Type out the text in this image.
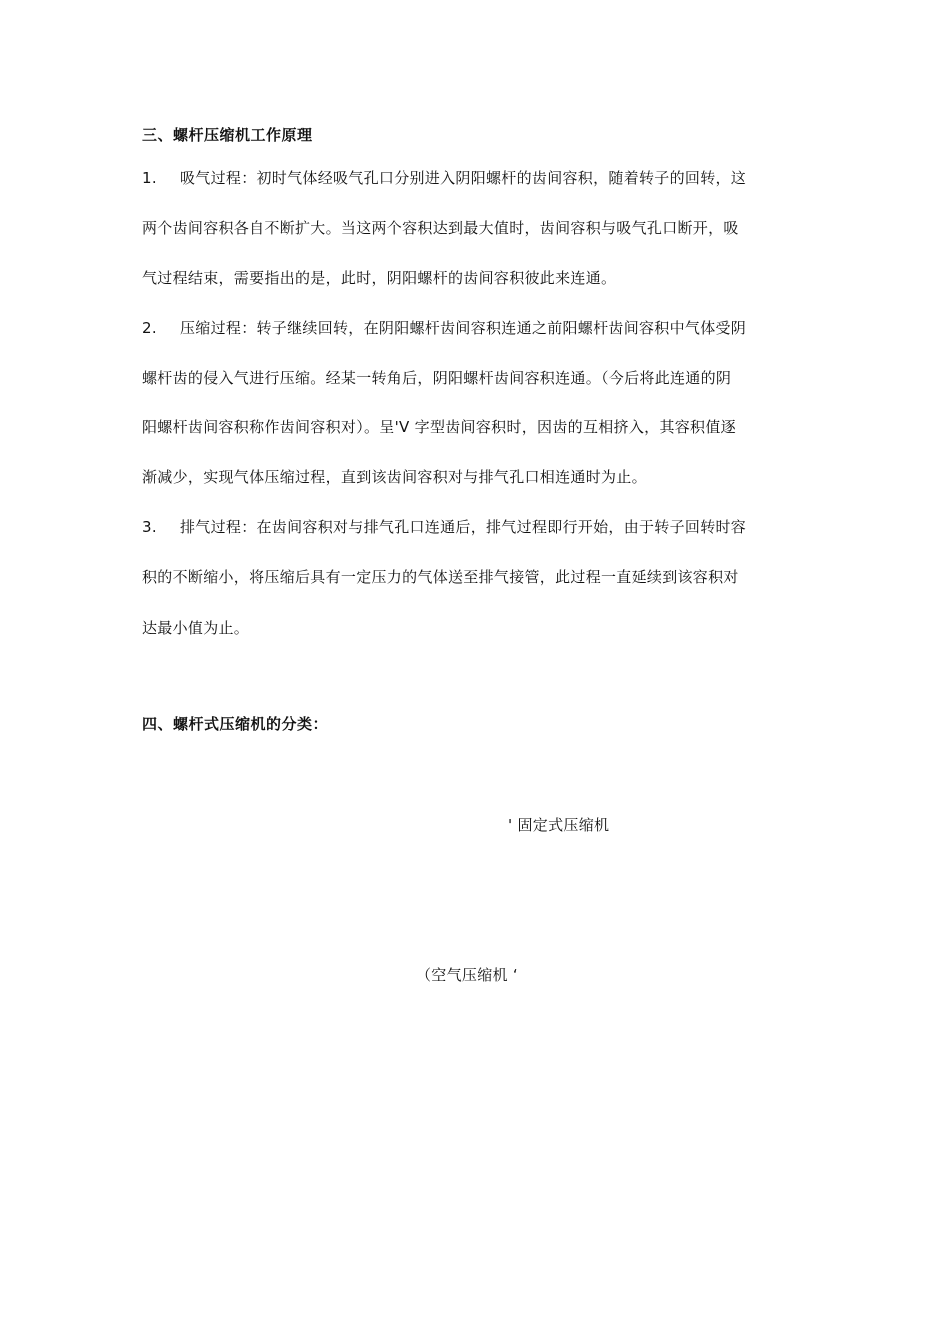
三、螺杆压缩机工作原理
1. 吸气过程：初时气体经吸气孔口分别进入阴阳螺杆的齿间容积，随着转子的回转，这
两个齿间容积各自不断扩大。当这两个容积达到最大值时，齿间容积与吸气孔口断开，吸
气过程结束，需要指出的是，此时，阴阳螺杆的齿间容积彼此来连通。
2. 压缩过程：转子继续回转，在阴阳螺杆齿间容积连通之前阳螺杆齿间容积中气体受阴
螺杆齿的侵入气进行压缩。经某一转角后，阴阳螺杆齿间容积连通。（今后将此连通的阴
阳螺杆齿间容积称作齿间容积对）。呈'V 字型齿间容积时，因齿的互相挤入，其容积值逐
渐减少，实现气体压缩过程，直到该齿间容积对与排气孔口相连通时为止。
3. 排气过程：在齿间容积对与排气孔口连通后，排气过程即行开始，由于转子回转时容
积的不断缩小，将压缩后具有一定压力的气体送至排气接管，此过程一直延续到该容积对
达最小值为止。
四、螺杆式压缩机的分类：
' 固定式压缩机
（空气压缩机 ‘
